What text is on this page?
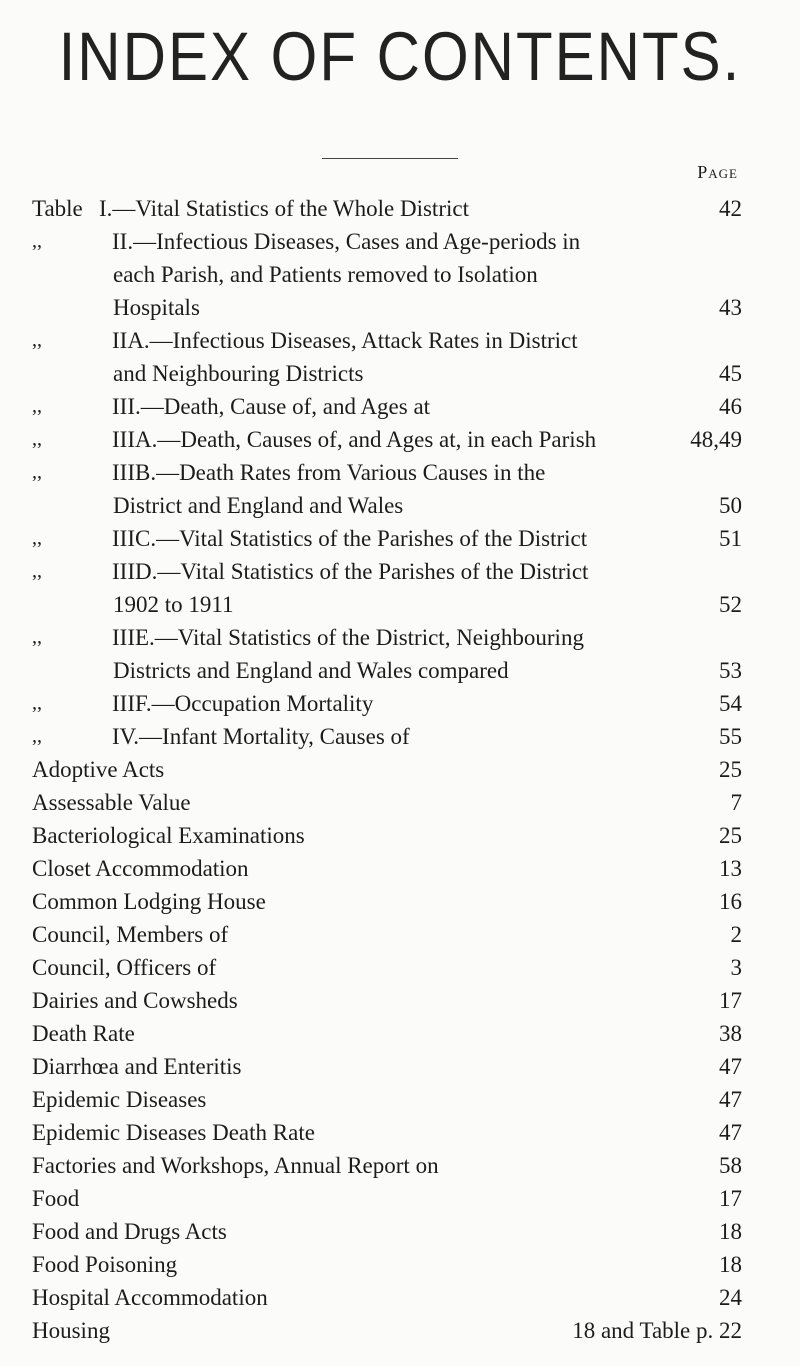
INDEX OF CONTENTS.
Page
Table I.—Vital Statistics of the Whole District	42
,,	II.—Infectious Diseases, Cases and Age-periods in
each Parish, and Patients removed to Isolation
Hospitals	43
,,	IIA.—Infectious Diseases, Attack Rates in District
and Neighbouring Districts	45
,,	III.—Death, Cause of, and Ages at	46
,,	IIIA.—Death, Causes of, and Ages at, in each Parish	48,49
,,	IIIB.—Death Rates from Various Causes in the
District and England and Wales	50
,,	IIIC.—Vital Statistics of the Parishes of the District	51
,,	IIID.—Vital Statistics of the Parishes of the District
1902 to 1911	52
,,	IIIE.—Vital Statistics of the District, Neighbouring
Districts and England and Wales compared	53
,,	IIIF.—Occupation Mortality	54
,,	IV.—Infant Mortality, Causes of	55
Adoptive Acts	25
Assessable Value	7
Bacteriological Examinations	25
Closet Accommodation	13
Common Lodging House	16
Council, Members of	2
Council, Officers of	3
Dairies and Cowsheds	17
Death Rate	38
Diarrhœa and Enteritis	47
Epidemic Diseases	47
Epidemic Diseases Death Rate	47
Factories and Workshops, Annual Report on	58
Food	17
Food and Drugs Acts	18
Food Poisoning	18
Hospital Accommodation	24
Housing	18 and Table p. 22
